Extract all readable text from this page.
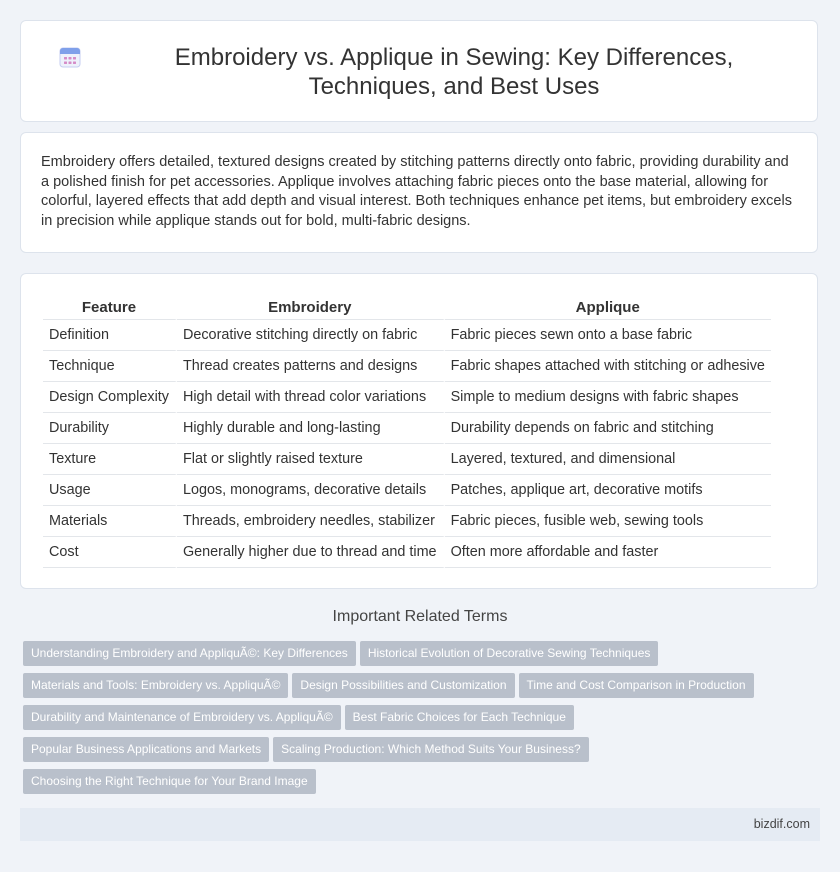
Embroidery vs. Applique in Sewing: Key Differences, Techniques, and Best Uses

Embroidery offers detailed, textured designs created by stitching patterns directly onto fabric, providing durability and a polished finish for pet accessories. Applique involves attaching fabric pieces onto the base material, allowing for colorful, layered effects that add depth and visual interest. Both techniques enhance pet items, but embroidery excels in precision while applique stands out for bold, multi-fabric designs.

Feature	Embroidery	Applique
Definition	Decorative stitching directly on fabric	Fabric pieces sewn onto a base fabric
Technique	Thread creates patterns and designs	Fabric shapes attached with stitching or adhesive
Design Complexity	High detail with thread color variations	Simple to medium designs with fabric shapes
Durability	Highly durable and long-lasting	Durability depends on fabric and stitching
Texture	Flat or slightly raised texture	Layered, textured, and dimensional
Usage	Logos, monograms, decorative details	Patches, applique art, decorative motifs
Materials	Threads, embroidery needles, stabilizer	Fabric pieces, fusible web, sewing tools
Cost	Generally higher due to thread and time	Often more affordable and faster
Important Related Terms
Understanding Embroidery and AppliquÃ©: Key Differences Historical Evolution of Decorative Sewing TechniquesMaterials and Tools: Embroidery vs. AppliquÃ© Design Possibilities and Customization Time and Cost Comparison in ProductionDurability and Maintenance of Embroidery vs. AppliquÃ© Best Fabric Choices for Each TechniquePopular Business Applications and Markets Scaling Production: Which Method Suits Your Business?Choosing the Right Technique for Your Brand Image
bizdif.com
